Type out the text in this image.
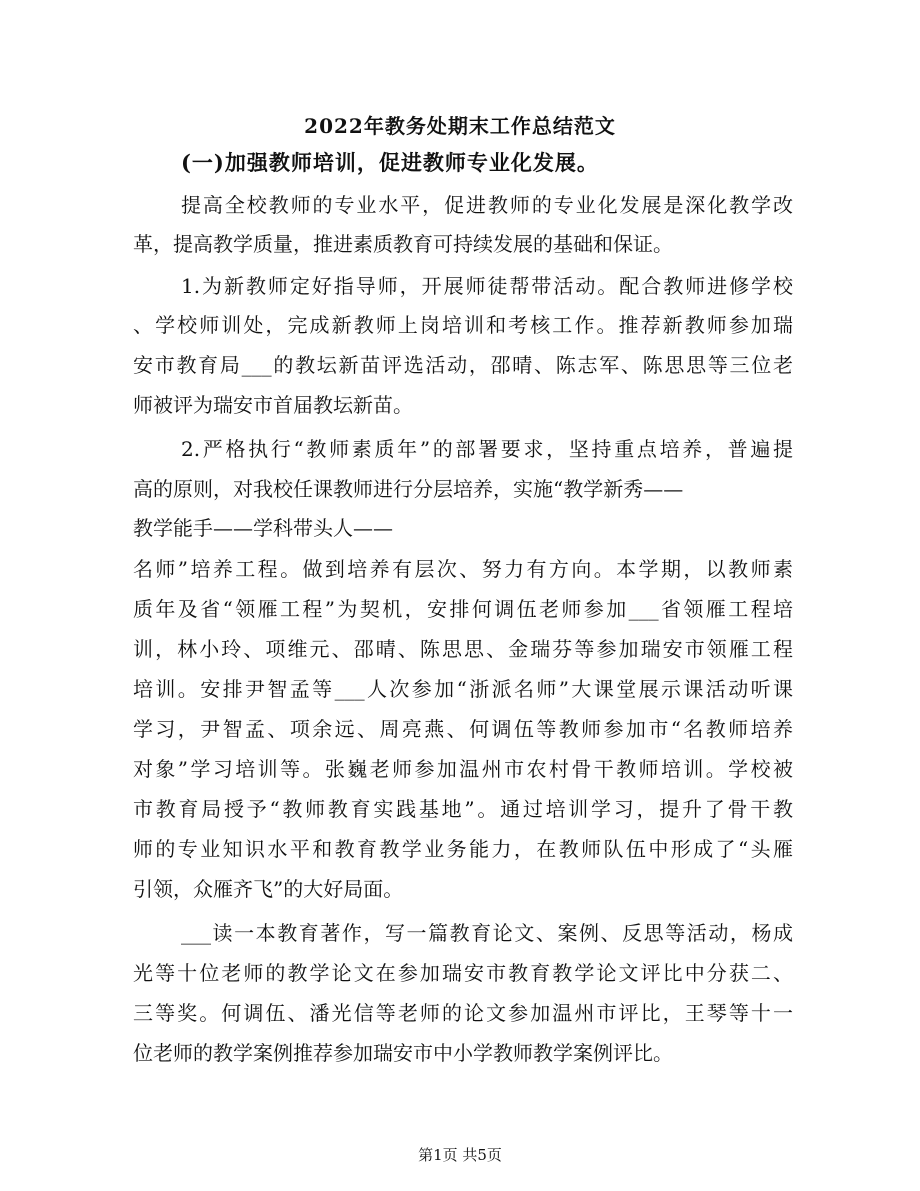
2022年教务处期末工作总结范文
(一)加强教师培训，促进教师专业化发展。
提高全校教师的专业水平，促进教师的专业化发展是深化教学改
革，提高教学质量，推进素质教育可持续发展的基础和保证。
1.为新教师定好指导师，开展师徒帮带活动。配合教师进修学校
、学校师训处，完成新教师上岗培训和考核工作。推荐新教师参加瑞
安市教育局___的教坛新苗评选活动，邵晴、陈志军、陈思思等三位老
师被评为瑞安市首届教坛新苗。
2.严格执行“教师素质年”的部署要求，坚持重点培养，普遍提
高的原则，对我校任课教师进行分层培养，实施“教学新秀——
教学能手——学科带头人——
名师”培养工程。做到培养有层次、努力有方向。本学期，以教师素
质年及省“领雁工程”为契机，安排何调伍老师参加___省领雁工程培
训，林小玲、项维元、邵晴、陈思思、金瑞芬等参加瑞安市领雁工程
培训。安排尹智孟等___人次参加“浙派名师”大课堂展示课活动听课
学习，尹智孟、项余远、周亮燕、何调伍等教师参加市“名教师培养
对象”学习培训等。张巍老师参加温州市农村骨干教师培训。学校被
市教育局授予“教师教育实践基地”。通过培训学习，提升了骨干教
师的专业知识水平和教育教学业务能力，在教师队伍中形成了“头雁
引领，众雁齐飞”的大好局面。
___读一本教育著作，写一篇教育论文、案例、反思等活动，杨成
光等十位老师的教学论文在参加瑞安市教育教学论文评比中分获二、
三等奖。何调伍、潘光信等老师的论文参加温州市评比，王琴等十一
位老师的教学案例推荐参加瑞安市中小学教师教学案例评比。
第1页 共5页
